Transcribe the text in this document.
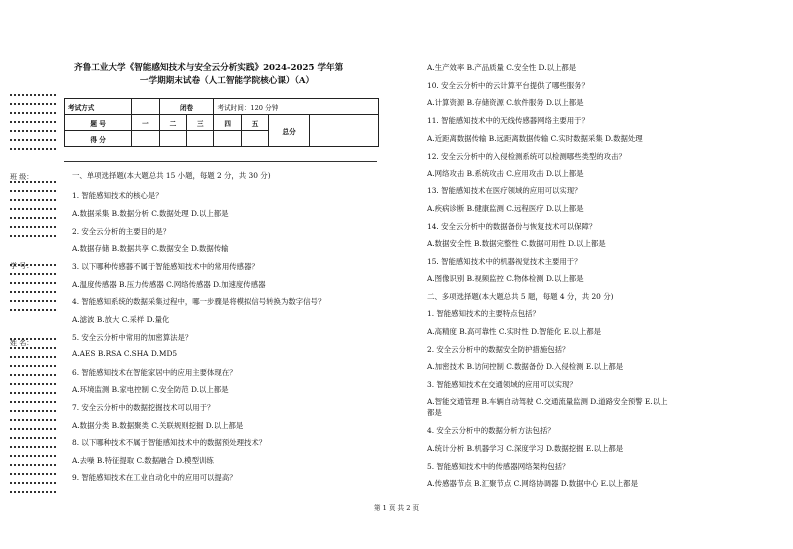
班 级：
学 号：
姓 名：
齐鲁工业大学《智能感知技术与安全云分析实践》2024-2025 学年第
一学期期末试卷（人工智能学院核心课）（A）
考试方式		闭卷		考试时间：120 分钟			
题 号	一	二	三	四	五	总分	
得 分							
一、单项选择题(本大题总共 15 小题，每题 2 分，共 30 分)
1. 智能感知技术的核心是？
A.数据采集 B.数据分析 C.数据处理 D.以上都是
2. 安全云分析的主要目的是？
A.数据存储 B.数据共享 C.数据安全 D.数据传输
3. 以下哪种传感器不属于智能感知技术中的常用传感器？
A.温度传感器 B.压力传感器 C.网络传感器 D.加速度传感器
4. 智能感知系统的数据采集过程中，哪一步骤是将模拟信号转换为数字信号？
A.滤波 B.放大 C.采样 D.量化
5. 安全云分析中常用的加密算法是？
A.AES B.RSA C.SHA D.MD5
6. 智能感知技术在智能家居中的应用主要体现在？
A.环境监测 B.家电控制 C.安全防范 D.以上都是
7. 安全云分析中的数据挖掘技术可以用于？
A.数据分类 B.数据聚类 C.关联规则挖掘 D.以上都是
8. 以下哪种技术不属于智能感知技术中的数据预处理技术？
A.去噪 B.特征提取 C.数据融合 D.模型训练
9. 智能感知技术在工业自动化中的应用可以提高？
A.生产效率 B.产品质量 C.安全性 D.以上都是
10. 安全云分析中的云计算平台提供了哪些服务？
A.计算资源 B.存储资源 C.软件服务 D.以上都是
11. 智能感知技术中的无线传感器网络主要用于？
A.近距离数据传输 B.远距离数据传输 C.实时数据采集 D.数据处理
12. 安全云分析中的入侵检测系统可以检测哪些类型的攻击？
A.网络攻击 B.系统攻击 C.应用攻击 D.以上都是
13. 智能感知技术在医疗领域的应用可以实现？
A.疾病诊断 B.健康监测 C.远程医疗 D.以上都是
14. 安全云分析中的数据备份与恢复技术可以保障？
A.数据安全性 B.数据完整性 C.数据可用性 D.以上都是
15. 智能感知技术中的机器视觉技术主要用于？
A.图像识别 B.视频监控 C.物体检测 D.以上都是
二、多项选择题(本大题总共 5 题，每题 4 分，共 20 分)
1. 智能感知技术的主要特点包括？
A.高精度 B.高可靠性 C.实时性 D.智能化 E.以上都是
2. 安全云分析中的数据安全防护措施包括？
A.加密技术 B.访问控制 C.数据备份 D.入侵检测 E.以上都是
3. 智能感知技术在交通领域的应用可以实现？
A.智能交通管理 B.车辆自动驾驶 C.交通流量监测 D.道路安全预警 E.以上
都是
4. 安全云分析中的数据分析方法包括？
A.统计分析 B.机器学习 C.深度学习 D.数据挖掘 E.以上都是
5. 智能感知技术中的传感器网络架构包括？
A.传感器节点 B.汇聚节点 C.网络协调器 D.数据中心 E.以上都是
第 1 页 共 2 页
